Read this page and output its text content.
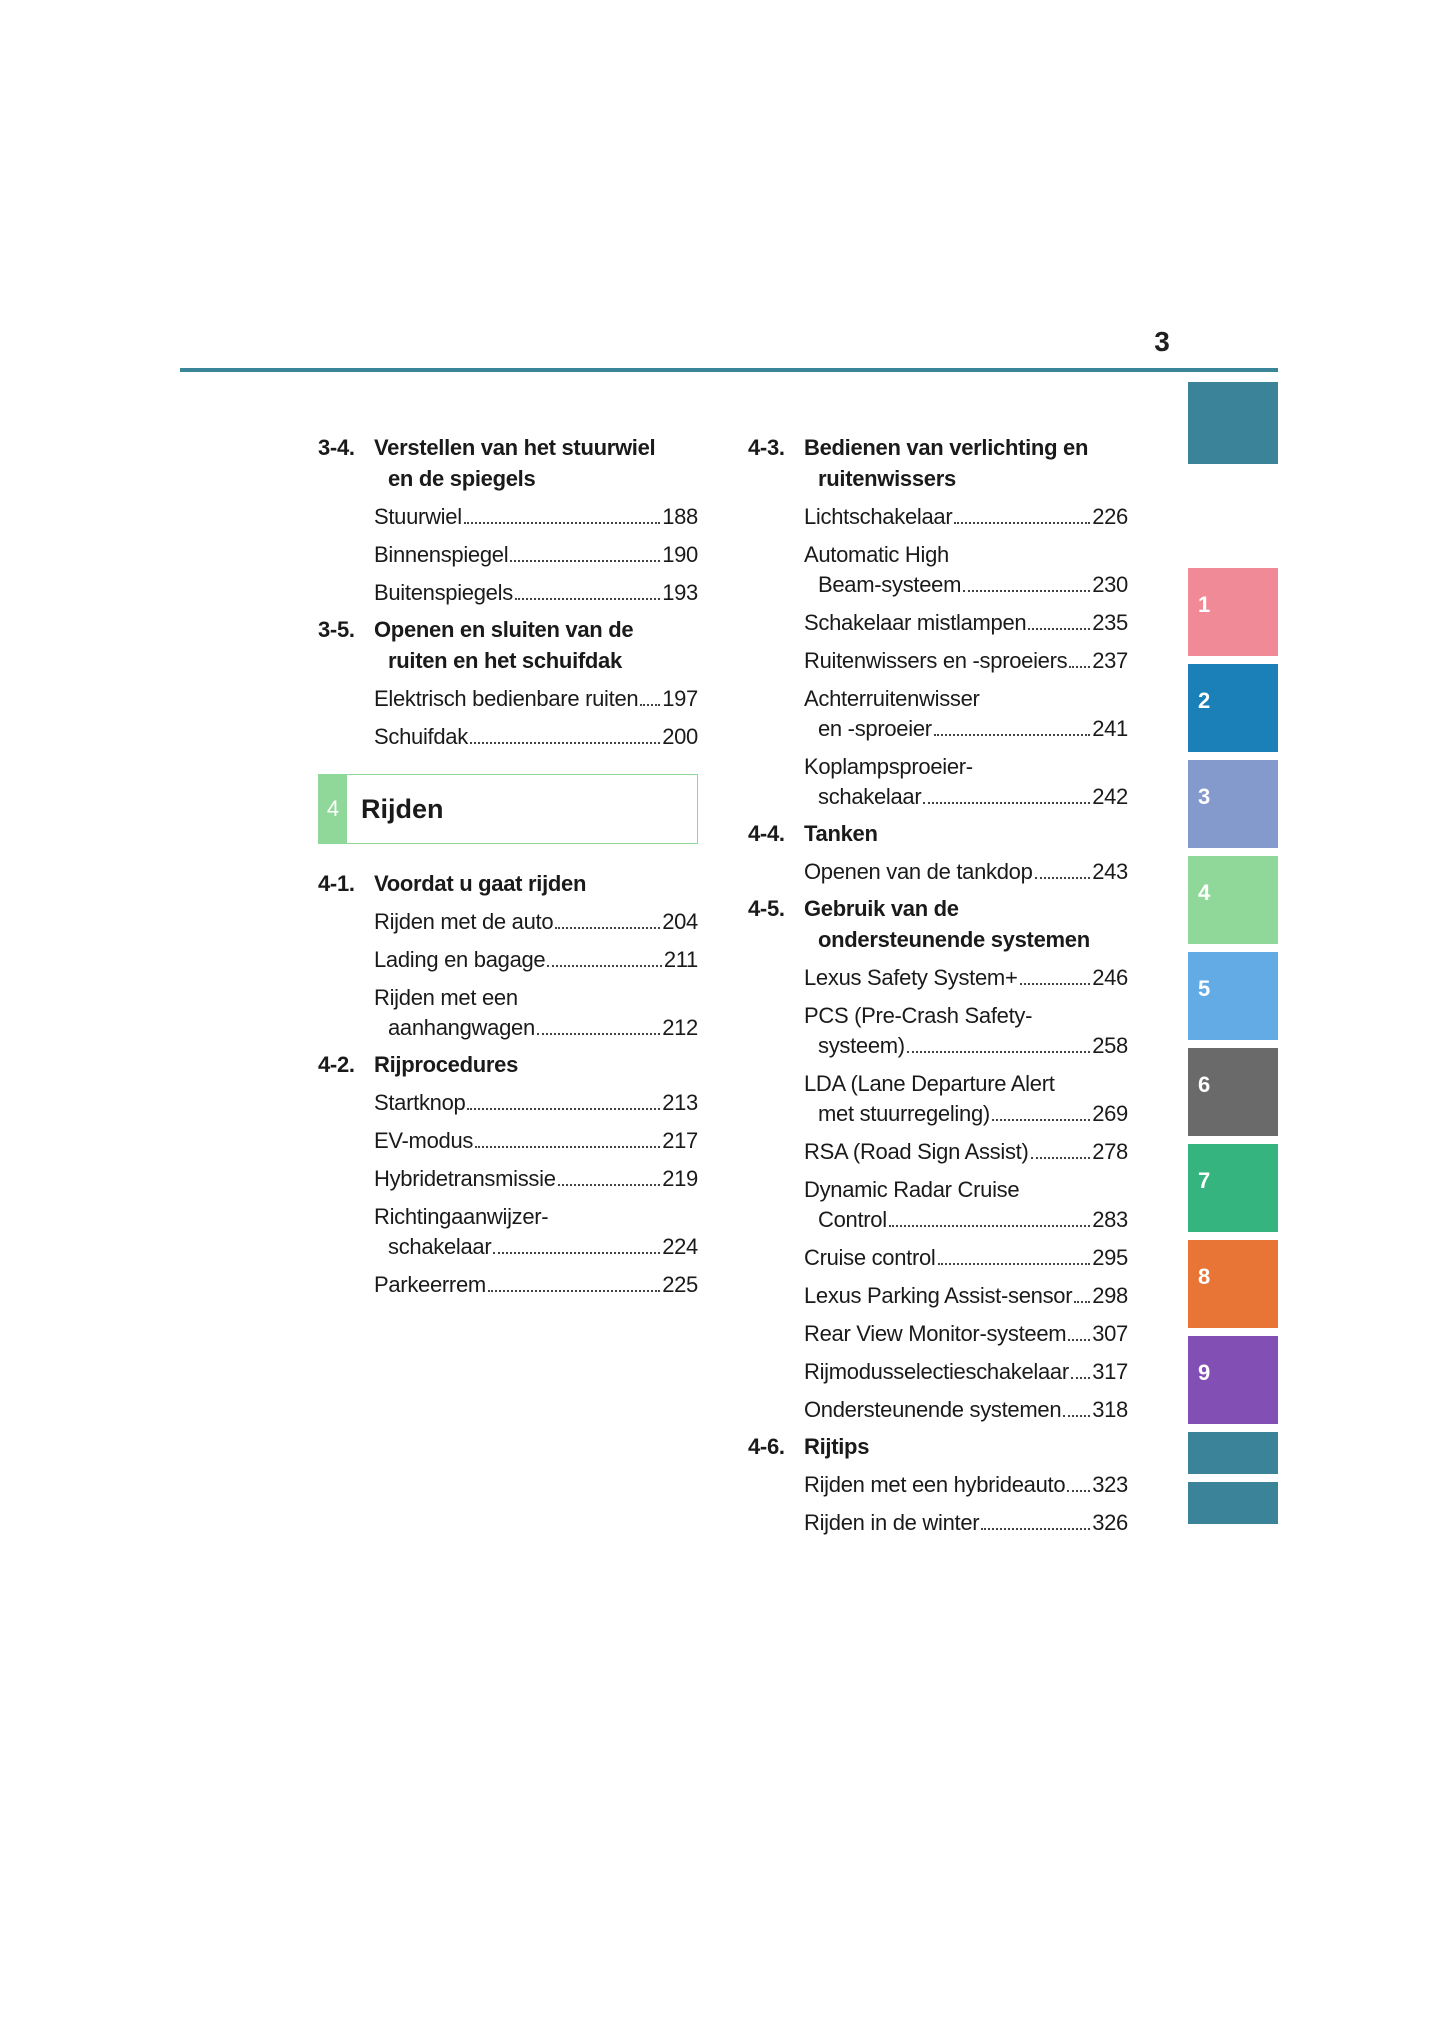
3
3-4. Verstellen van het stuurwiel
en de spiegels
Stuurwiel	188
Binnenspiegel	190
Buitenspiegels	193
3-5. Openen en sluiten van de
ruiten en het schuifdak
Elektrisch bedienbare ruiten 197
Schuifdak	200
4 Rijden
4-1. Voordat u gaat rijden
Rijden met de auto	204
Lading en bagage	211
Rijden met een
aanhangwagen	212
4-2. Rijprocedures
Startknop	213
EV-modus	217
Hybridetransmissie	219
Richtingaanwijzer-
schakelaar	224
Parkeerrem	225
4-3. Bedienen van verlichting en
ruitenwissers
Lichtschakelaar	226
Automatic High
Beam-systeem	230
Schakelaar mistlampen	235
Ruitenwissers en -sproeiers 237
Achterruitenwisser
en -sproeier	241
Koplampsproeier-
schakelaar	242
4-4. Tanken
Openen van de tankdop	243
4-5. Gebruik van de
ondersteunende systemen
Lexus Safety System+	246
PCS (Pre-Crash Safety-
systeem)	258
LDA (Lane Departure Alert
met stuurregeling)	269
RSA (Road Sign Assist)	278
Dynamic Radar Cruise
Control	283
Cruise control	295
Lexus Parking Assist-sensor 298
Rear View Monitor-systeem 307
Rijmodusselectieschakelaar 317
Ondersteunende systemen 318
4-6. Rijtips
Rijden met een hybrideauto 323
Rijden in de winter	326
1
2
3
4
5
6
7
8
9
